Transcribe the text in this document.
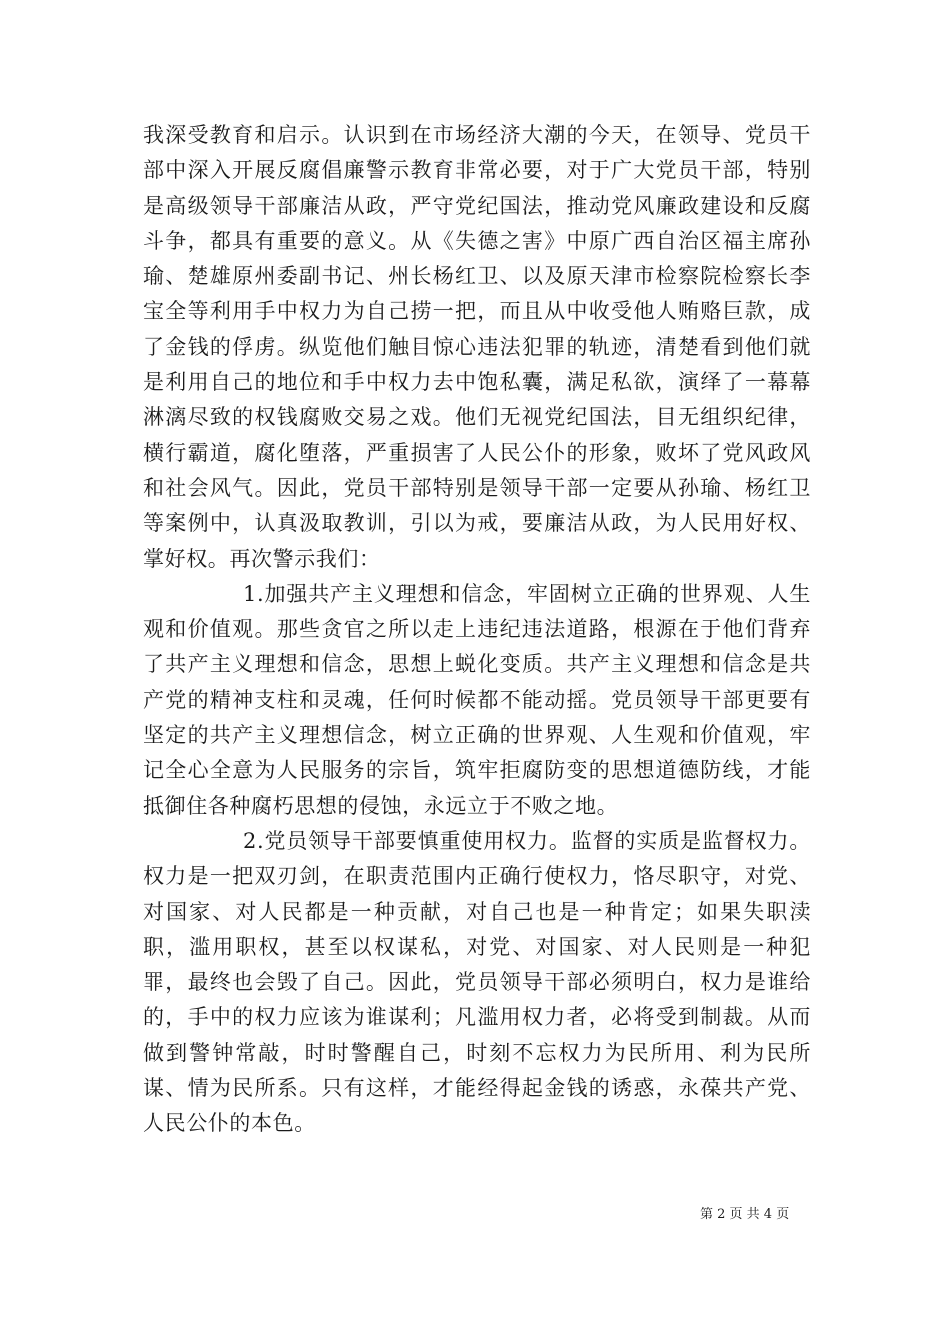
我深受教育和启示。认识到在市场经济大潮的今天，在领导、党员干部中深入开展反腐倡廉警示教育非常必要，对于广大党员干部，特别是高级领导干部廉洁从政，严守党纪国法，推动党风廉政建设和反腐斗争，都具有重要的意义。从《失德之害》中原广西自治区福主席孙瑜、楚雄原州委副书记、州长杨红卫、以及原天津市检察院检察长李宝全等利用手中权力为自己捞一把，而且从中收受他人贿赂巨款，成了金钱的俘虏。纵览他们触目惊心违法犯罪的轨迹，清楚看到他们就是利用自己的地位和手中权力去中饱私囊，满足私欲，演绎了一幕幕淋漓尽致的权钱腐败交易之戏。他们无视党纪国法，目无组织纪律，横行霸道，腐化堕落，严重损害了人民公仆的形象，败坏了党风政风和社会风气。因此，党员干部特别是领导干部一定要从孙瑜、杨红卫等案例中，认真汲取教训，引以为戒，要廉洁从政，为人民用好权、掌好权。再次警示我们：

1.加强共产主义理想和信念，牢固树立正确的世界观、人生观和价值观。那些贪官之所以走上违纪违法道路，根源在于他们背弃了共产主义理想和信念，思想上蜕化变质。共产主义理想和信念是共产党的精神支柱和灵魂，任何时候都不能动摇。党员领导干部更要有坚定的共产主义理想信念，树立正确的世界观、人生观和价值观，牢记全心全意为人民服务的宗旨，筑牢拒腐防变的思想道德防线，才能抵御住各种腐朽思想的侵蚀，永远立于不败之地。

2.党员领导干部要慎重使用权力。监督的实质是监督权力。权力是一把双刃剑，在职责范围内正确行使权力，恪尽职守，对党、对国家、对人民都是一种贡献，对自己也是一种肯定；如果失职渎职，滥用职权，甚至以权谋私，对党、对国家、对人民则是一种犯罪，最终也会毁了自己。因此，党员领导干部必须明白，权力是谁给的，手中的权力应该为谁谋利；凡滥用权力者，必将受到制裁。从而做到警钟常敲，时时警醒自己，时刻不忘权力为民所用、利为民所谋、情为民所系。只有这样，才能经得起金钱的诱惑，永葆共产党、人民公仆的本色。

第 2 页 共 4 页
